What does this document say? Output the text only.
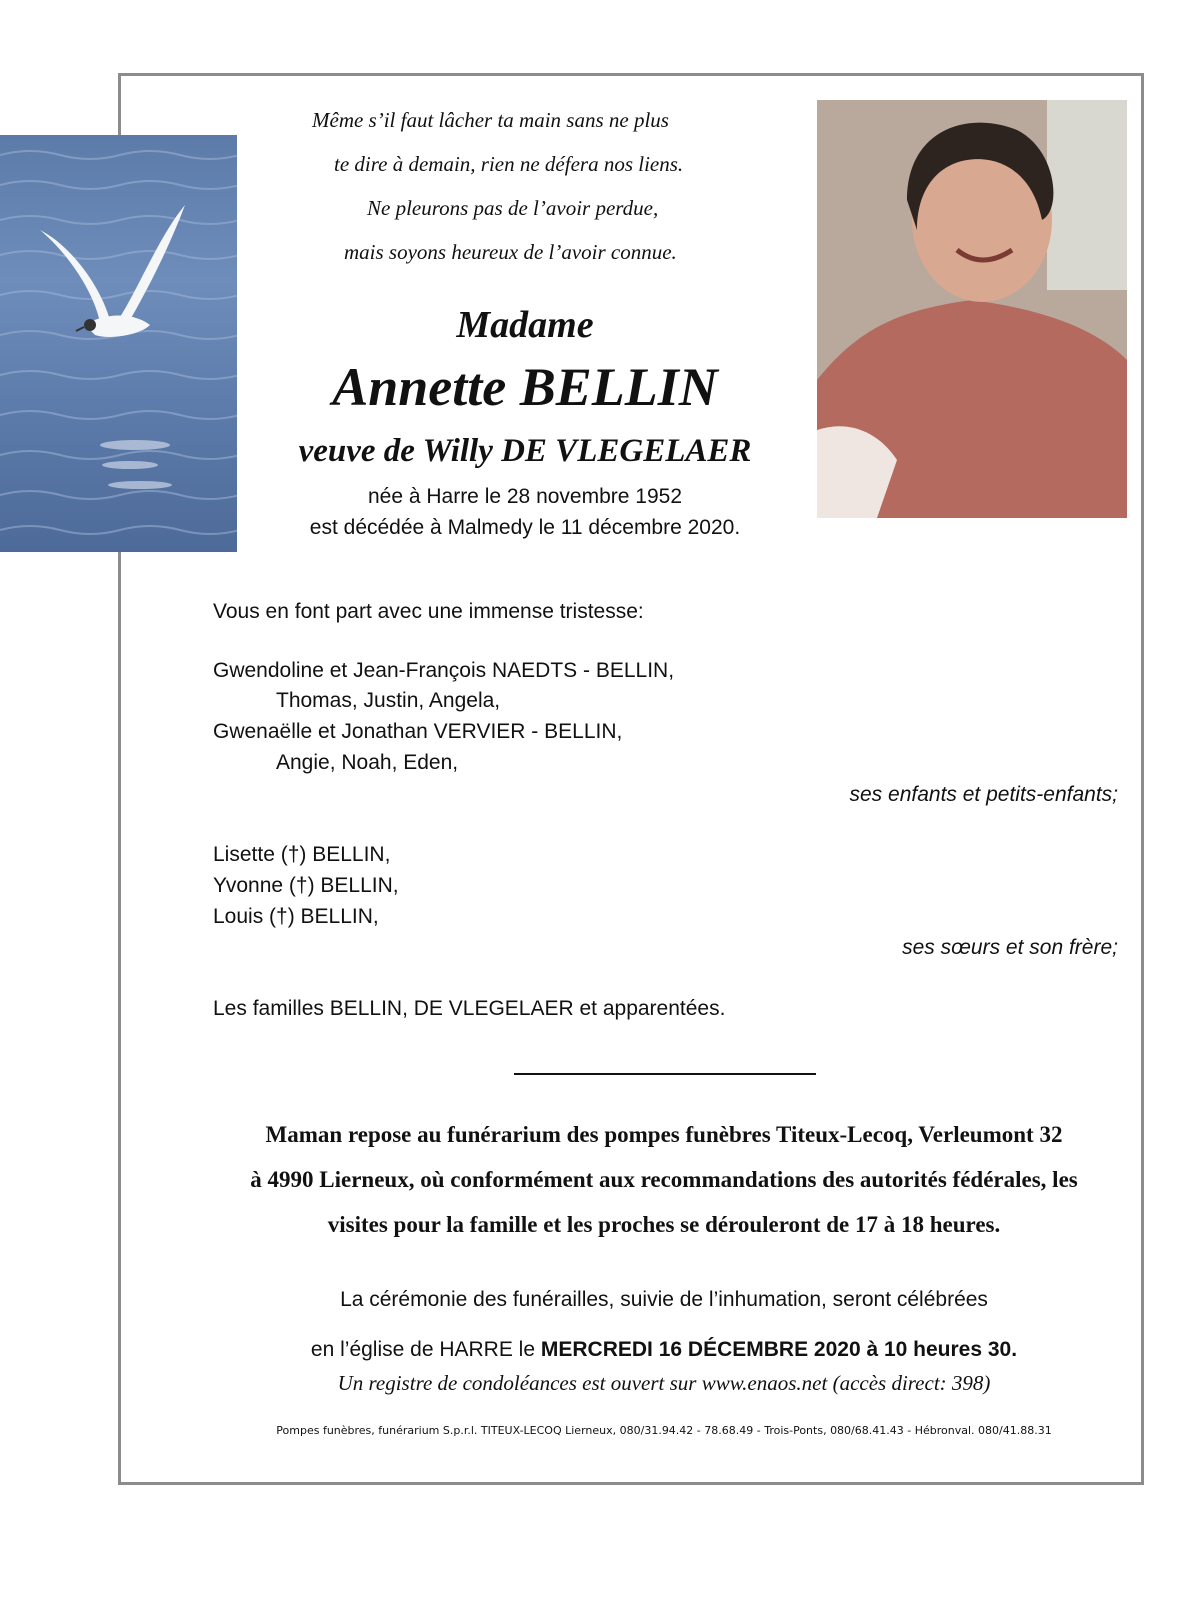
Même s’il faut lâcher ta main sans ne plus
te dire à demain, rien ne défera nos liens.
Ne pleurons pas de l’avoir perdue,
mais soyons heureux de l’avoir connue.
Madame
Annette BELLIN
veuve de Willy DE VLEGELAER
née à Harre le 28 novembre 1952
est décédée à Malmedy le 11 décembre 2020.
Vous en font part avec une immense tristesse:
Gwendoline et Jean-François NAEDTS - BELLIN,
Thomas, Justin, Angela,
Gwenaëlle et Jonathan VERVIER - BELLIN,
Angie, Noah, Eden,
ses enfants et petits-enfants;
Lisette (†) BELLIN,
Yvonne (†) BELLIN,
Louis (†) BELLIN,
ses sœurs et son frère;
Les familles BELLIN, DE VLEGELAER et apparentées.
Maman repose au funérarium des pompes funèbres Titeux-Lecoq, Verleumont 32
à 4990 Lierneux, où conformément aux recommandations des autorités fédérales, les
visites pour la famille et les proches se dérouleront de 17 à 18 heures.
La cérémonie des funérailles, suivie de l’inhumation, seront célébrées
en l’église de HARRE le MERCREDI 16 DÉCEMBRE 2020 à 10 heures 30.
Un registre de condoléances est ouvert sur www.enaos.net (accès direct: 398)
Pompes funèbres, funérarium S.p.r.l. TITEUX-LECOQ Lierneux, 080/31.94.42 - 78.68.49 - Trois-Ponts, 080/68.41.43 - Hébronval. 080/41.88.31
